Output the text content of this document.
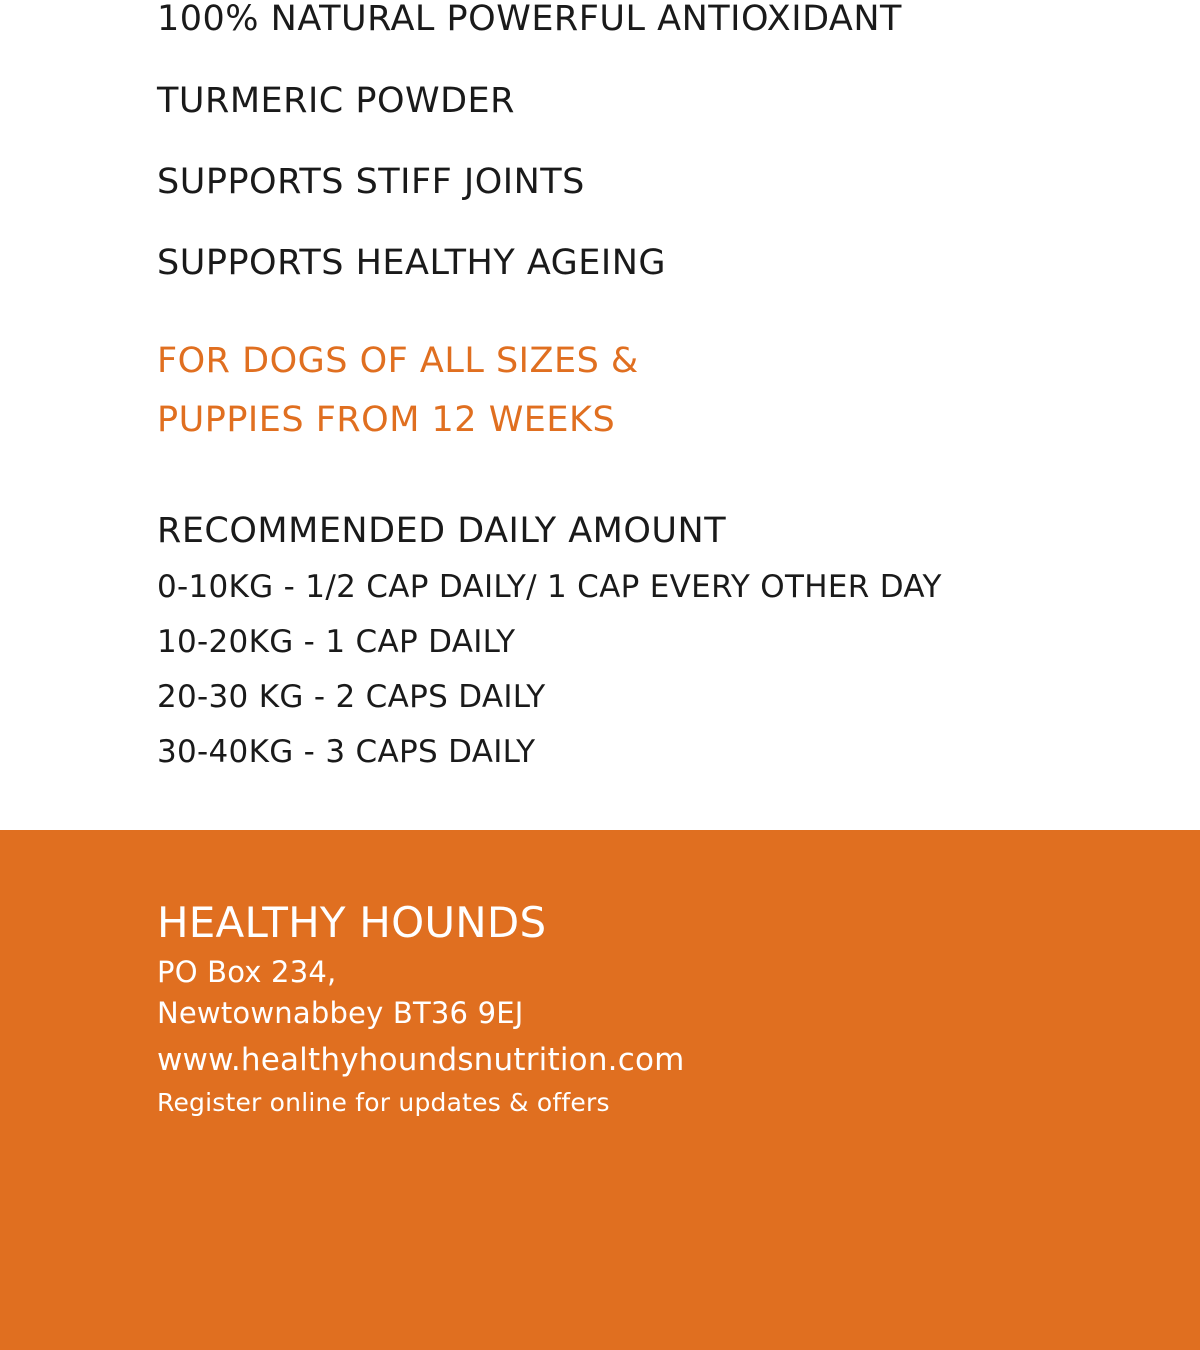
100% NATURAL POWERFUL ANTIOXIDANT

TURMERIC POWDER

SUPPORTS STIFF JOINTS

SUPPORTS HEALTHY AGEING

FOR DOGS OF ALL SIZES &

PUPPIES FROM 12 WEEKS

RECOMMENDED DAILY AMOUNT

0-10KG - 1/2 CAP DAILY/ 1 CAP EVERY OTHER DAY

10-20KG - 1 CAP DAILY

20-30 KG - 2 CAPS DAILY

30-40KG - 3 CAPS DAILY

HEALTHY HOUNDS

PO Box 234,

Newtownabbey BT36 9EJ

www.healthyhoundsnutrition.com

Register online for updates & offers
